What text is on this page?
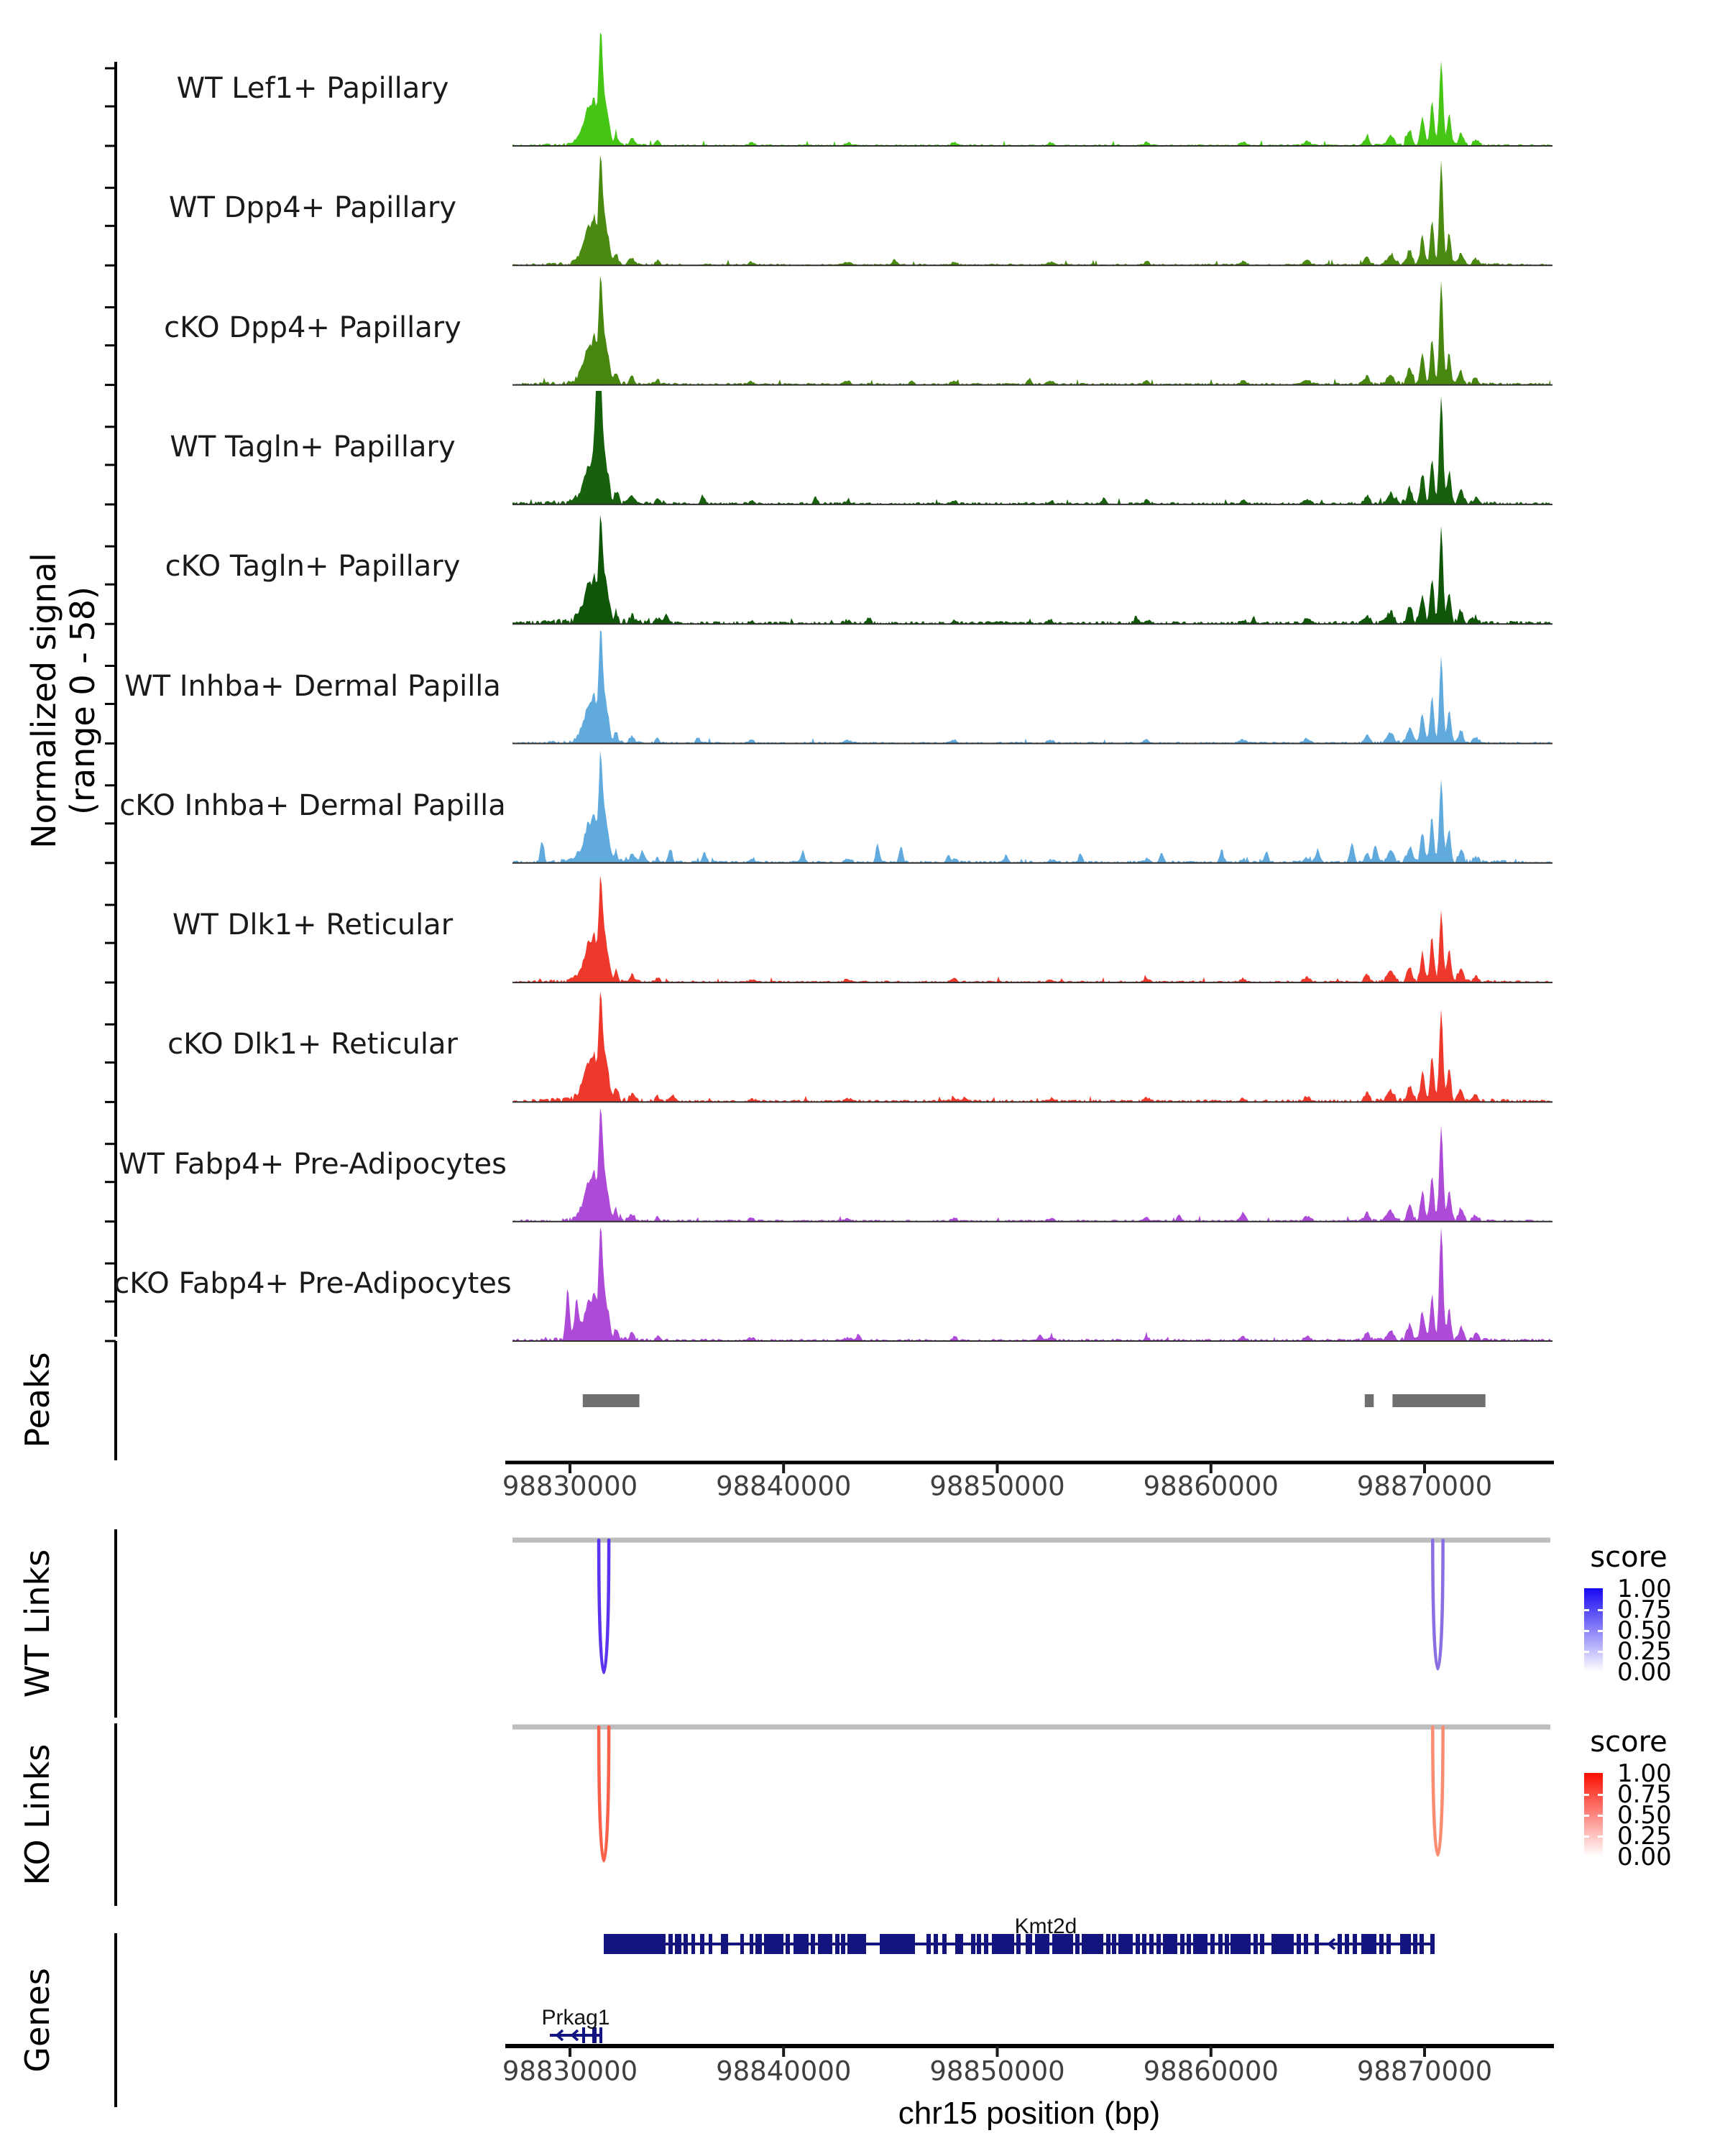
Normalized signal (range 0 - 58)
Peaks
WT Links
KO Links
Genes
score
score
Kmt2d
Prkag1
chr15 position (bp)
WT Lef1+ Papillary
WT Dpp4+ Papillary
cKO Dpp4+ Papillary
WT Tagln+ Papillary
cKO Tagln+ Papillary
WT Inhba+ Dermal Papilla
cKO Inhba+ Dermal Papilla
WT Dlk1+ Reticular
cKO Dlk1+ Reticular
WT Fabp4+ Pre-Adipocytes
cKO Fabp4+ Pre-Adipocytes
98830000
98830000
98840000
98840000
98850000
98850000
98860000
98860000
98870000
98870000
1.00
0.75
0.50
0.25
0.00
1.00
0.75
0.50
0.25
0.00
